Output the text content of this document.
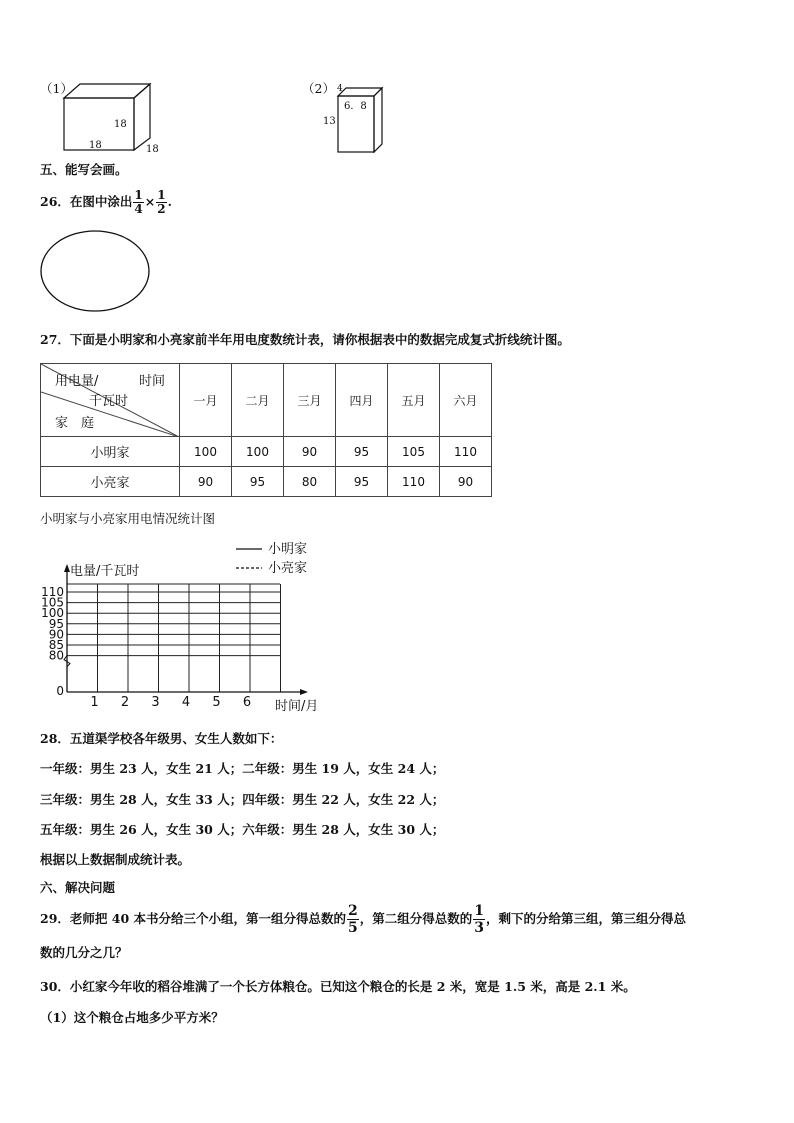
（1）
18
18	18
（2） 4
6．8
13
五、能写会画。
26． 在图中涂出 $\frac{1}{4} \times \frac{1}{2}$ .
27．下面是小明家和小亮家前半年用电度数统计表，请你根据表中的数据完成复式折线统计图。
用电量/ 时间
千瓦时
家　庭	一月	二月	三月	四月	五月	六月
小明家	100	100	90	95	105	110
小亮家	90	95	80	95	110	90
小明家与小亮家用电情况统计图
小明家
小亮家
电量/千瓦时
110
105
100
95
90
85
80
0
1 2 3 4 5 6 时间/月
28．五道渠学校各年级男、女生人数如下：
一年级：男生 23 人，女生 21 人；二年级：男生 19 人，女生 24 人；
三年级：男生 28 人，女生 33 人；四年级：男生 22 人，女生 22 人；
五年级：男生 26 人，女生 30 人；六年级：男生 28 人，女生 30 人；
根据以上数据制成统计表。
六、解决问题
29． 老师把 40 本书分给三个小组，第一组分得总数的 $\frac{2}{5}$ ，第二组分得总数的 $\frac{1}{3}$ ，剩下的分给第三组，第三组分得总
数的几分之几？
30．小红家今年收的稻谷堆满了一个长方体粮仓。已知这个粮仓的长是 2 米，宽是 1.5 米，高是 2.1 米。
（1）这个粮仓占地多少平方米？
